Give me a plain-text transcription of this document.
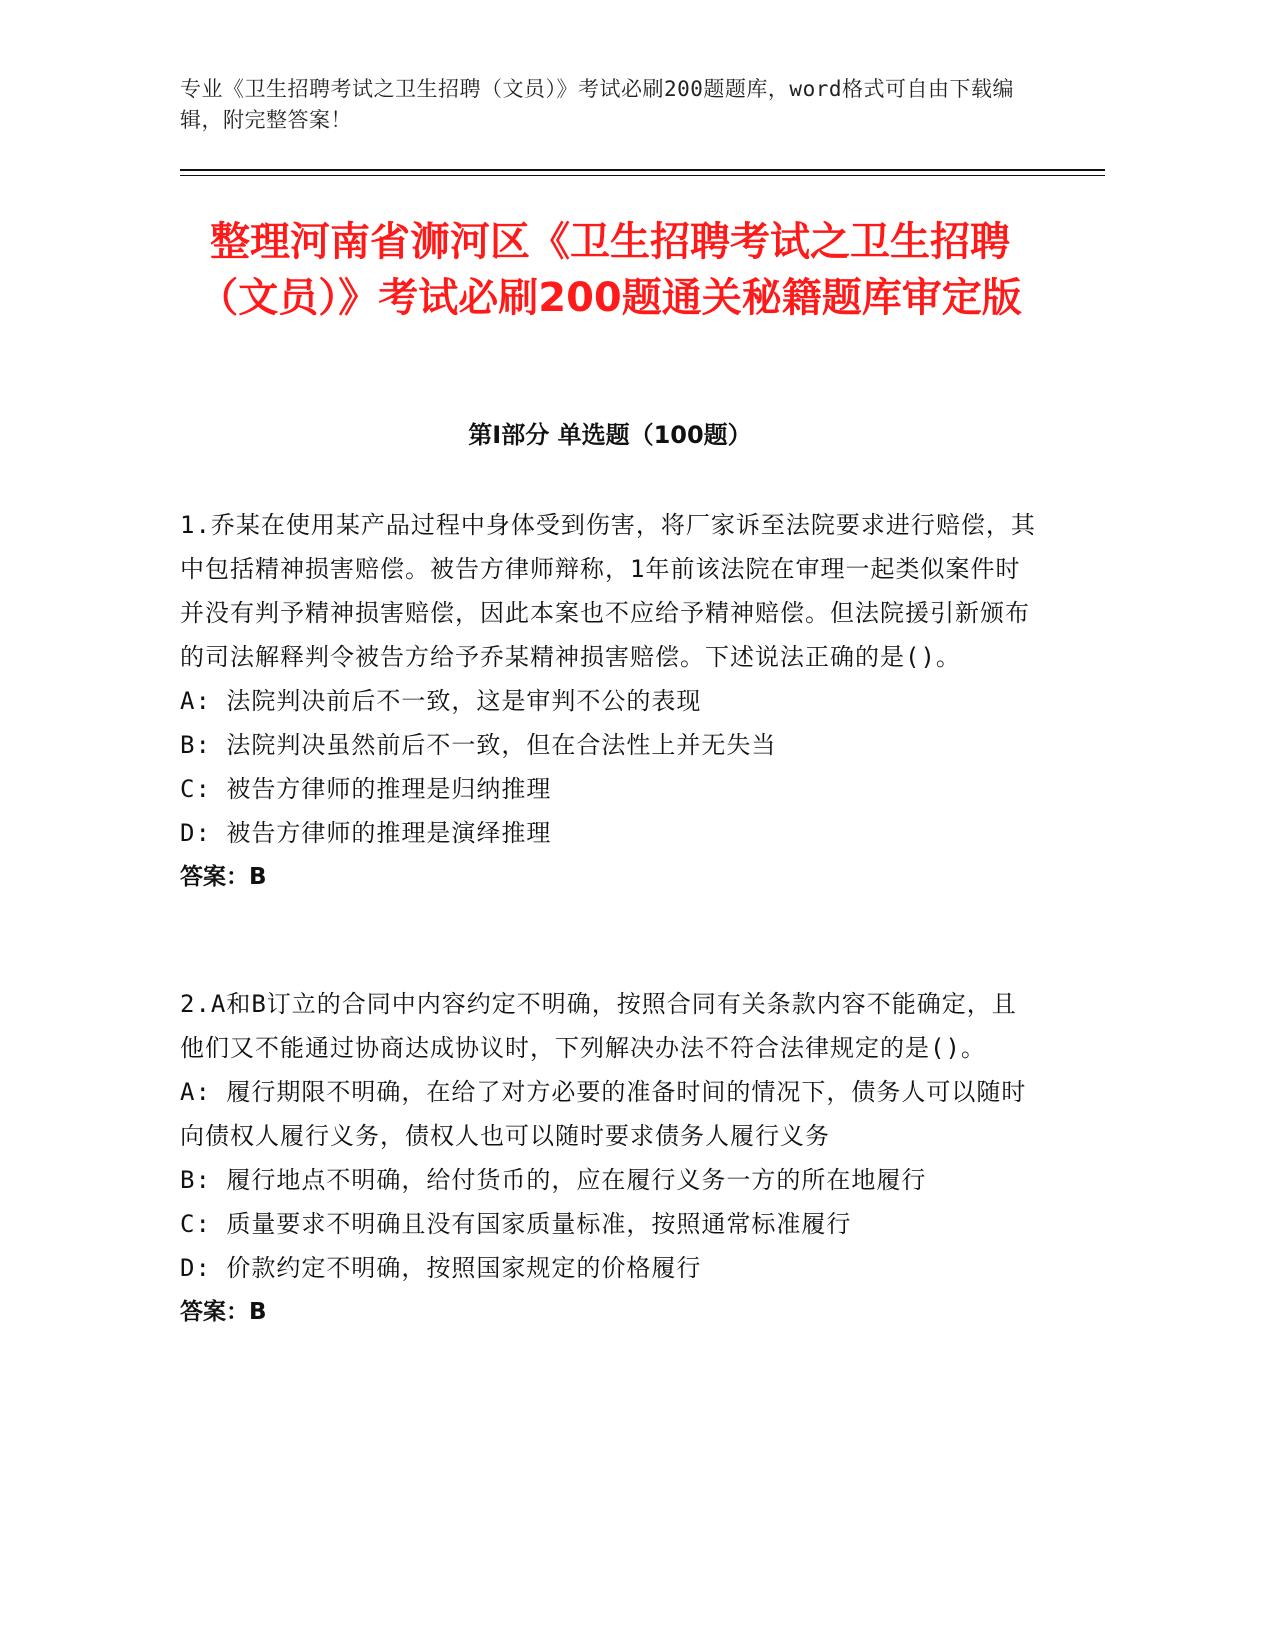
专业《卫生招聘考试之卫生招聘（文员）》考试必刷200题题库，word格式可自由下载编辑，附完整答案！
整理河南省浉河区《卫生招聘考试之卫生招聘（文员）》考试必刷200题通关秘籍题库审定版
第I部分 单选题（100题）

1.乔某在使用某产品过程中身体受到伤害，将厂家诉至法院要求进行赔偿，其中包括精神损害赔偿。被告方律师辩称，1年前该法院在审理一起类似案件时并没有判予精神损害赔偿，因此本案也不应给予精神赔偿。但法院援引新颁布的司法解释判令被告方给予乔某精神损害赔偿。下述说法正确的是()。

A: 法院判决前后不一致，这是审判不公的表现

B: 法院判决虽然前后不一致，但在合法性上并无失当

C: 被告方律师的推理是归纳推理

D: 被告方律师的推理是演绎推理

答案：B

2.A和B订立的合同中内容约定不明确，按照合同有关条款内容不能确定，且他们又不能通过协商达成协议时，下列解决办法不符合法律规定的是()。

A: 履行期限不明确，在给了对方必要的准备时间的情况下，债务人可以随时向债权人履行义务，债权人也可以随时要求债务人履行义务

B: 履行地点不明确，给付货币的，应在履行义务一方的所在地履行

C: 质量要求不明确且没有国家质量标准，按照通常标准履行

D: 价款约定不明确，按照国家规定的价格履行

答案：B
